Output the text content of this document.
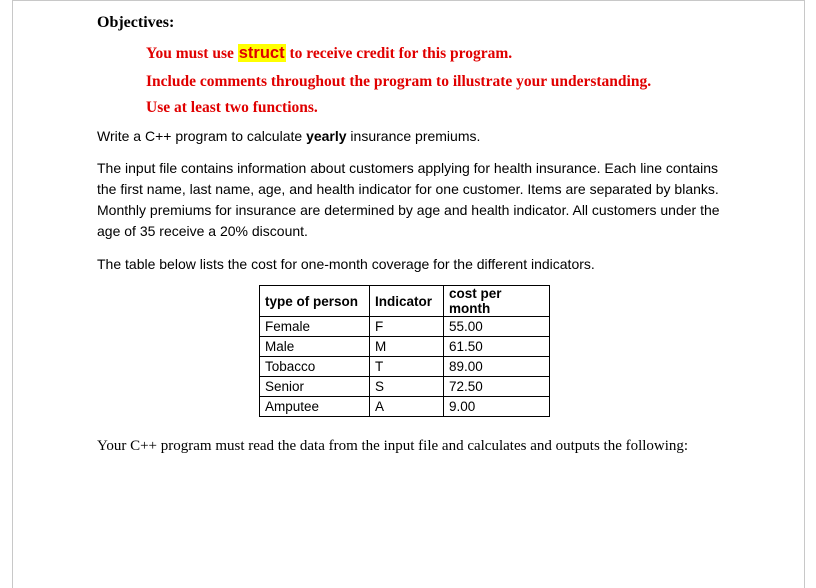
Objectives:
You must use struct to receive credit for this program.
Include comments throughout the program to illustrate your understanding.
Use at least two functions.
Write a C++ program to calculate yearly insurance premiums.
The input file contains information about customers applying for health insurance. Each line contains the first name, last name, age, and health indicator for one customer. Items are separated by blanks. Monthly premiums for insurance are determined by age and health indicator. All customers under the age of 35 receive a 20% discount.
The table below lists the cost for one-month coverage for the different indicators.
type of person	Indicator	cost per month
Female	F	55.00
Male	M	61.50
Tobacco	T	89.00
Senior	S	72.50
Amputee	A	9.00
Your C++ program must read the data from the input file and calculates and outputs the following:
